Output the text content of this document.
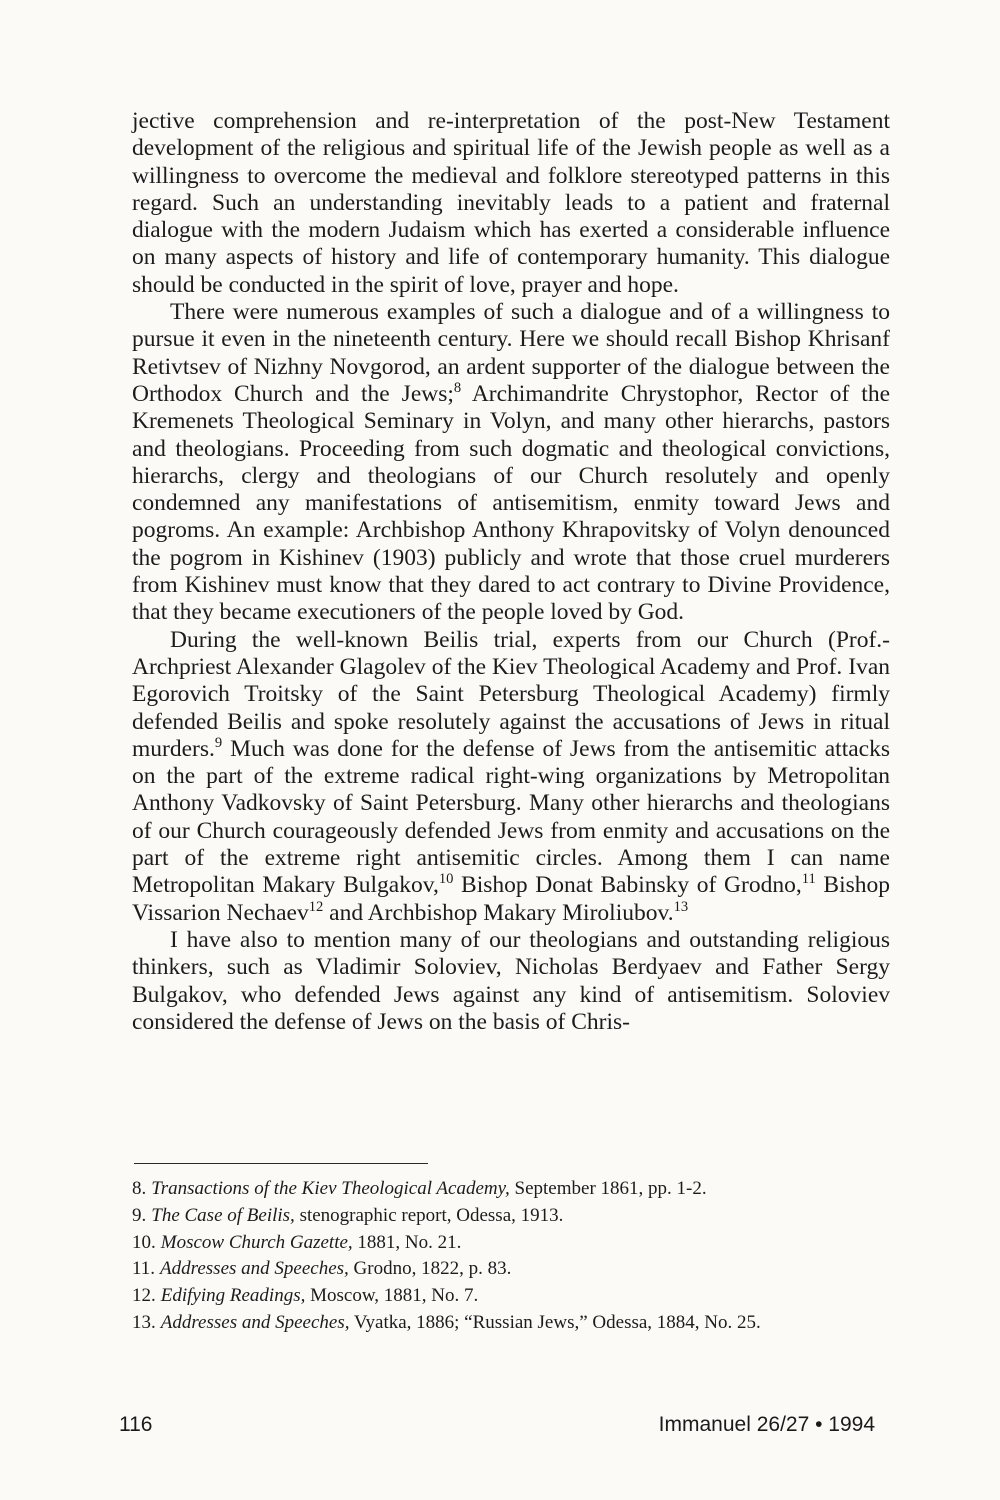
jective comprehension and re-interpretation of the post-New Testament development of the religious and spiritual life of the Jewish people as well as a willingness to overcome the medieval and folklore stereotyped patterns in this regard. Such an understanding inevitably leads to a patient and fraternal dialogue with the modern Judaism which has exerted a considerable influence on many aspects of history and life of contemporary humanity. This dialogue should be conducted in the spirit of love, prayer and hope.

There were numerous examples of such a dialogue and of a willingness to pursue it even in the nineteenth century. Here we should recall Bishop Khrisanf Retivtsev of Nizhny Novgorod, an ardent supporter of the dialogue between the Orthodox Church and the Jews;$^8$ Archimandrite Chrystophor, Rector of the Kremenets Theological Seminary in Volyn, and many other hierarchs, pastors and theologians. Proceeding from such dogmatic and theological convictions, hierarchs, clergy and theologians of our Church resolutely and openly condemned any manifestations of antisemitism, enmity toward Jews and pogroms. An example: Archbishop Anthony Khrapovitsky of Volyn denounced the pogrom in Kishinev (1903) publicly and wrote that those cruel murderers from Kishinev must know that they dared to act contrary to Divine Providence, that they became executioners of the people loved by God.

During the well-known Beilis trial, experts from our Church (Prof.-Archpriest Alexander Glagolev of the Kiev Theological Academy and Prof. Ivan Egorovich Troitsky of the Saint Petersburg Theological Academy) firmly defended Beilis and spoke resolutely against the accusations of Jews in ritual murders.$^9$ Much was done for the defense of Jews from the antisemitic attacks on the part of the extreme radical right-wing organizations by Metropolitan Anthony Vadkovsky of Saint Petersburg. Many other hierarchs and theologians of our Church courageously defended Jews from enmity and accusations on the part of the extreme right antisemitic circles. Among them I can name Metropolitan Makary Bulgakov,$^{10}$ Bishop Donat Babinsky of Grodno,$^{11}$ Bishop Vissarion Nechaev$^{12}$ and Archbishop Makary Miroliubov.$^{13}$

I have also to mention many of our theologians and outstanding religious thinkers, such as Vladimir Soloviev, Nicholas Berdyaev and Father Sergy Bulgakov, who defended Jews against any kind of antisemitism. Soloviev considered the defense of Jews on the basis of Chris-

8. Transactions of the Kiev Theological Academy, September 1861, pp. 1-2.
9. The Case of Beilis, stenographic report, Odessa, 1913.
10. Moscow Church Gazette, 1881, No. 21.
11. Addresses and Speeches, Grodno, 1822, p. 83.
12. Edifying Readings, Moscow, 1881, No. 7.
13. Addresses and Speeches, Vyatka, 1886; “Russian Jews,” Odessa, 1884, No. 25.
116	Immanuel 26/27 • 1994
